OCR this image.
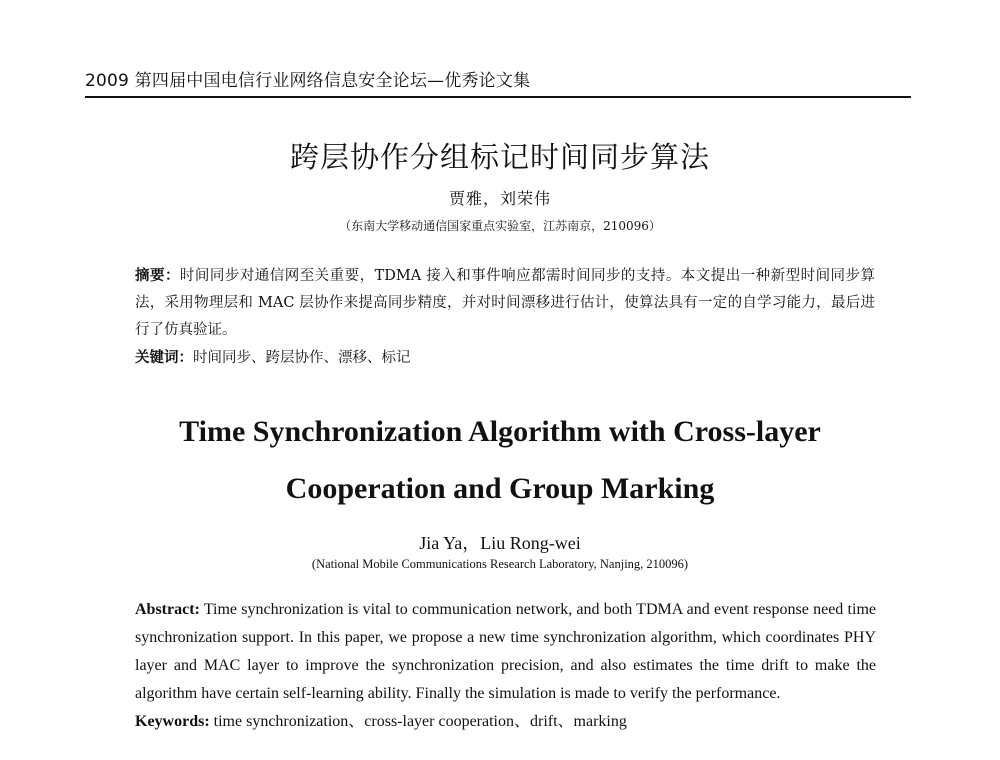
2009 第四届中国电信行业网络信息安全论坛—优秀论文集
跨层协作分组标记时间同步算法
贾雅，刘荣伟
（东南大学移动通信国家重点实验室，江苏南京，210096）

摘要：时间同步对通信网至关重要，TDMA 接入和事件响应都需时间同步的支持。本文提出一种新型时间同步算法，采用物理层和 MAC 层协作来提高同步精度，并对时间漂移进行估计，使算法具有一定的自学习能力，最后进行了仿真验证。

关键词：时间同步、跨层协作、漂移、标记

Time Synchronization Algorithm with Cross-layer
Cooperation and Group Marking
Jia Ya，Liu Rong-wei
(National Mobile Communications Research Laboratory, Nanjing, 210096)

Abstract: Time synchronization is vital to communication network, and both TDMA and event response need time synchronization support. In this paper, we propose a new time synchronization algorithm, which coordinates PHY layer and MAC layer to improve the synchronization precision, and also estimates the time drift to make the algorithm have certain self-learning ability. Finally the simulation is made to verify the performance.

Keywords: time synchronization、cross-layer cooperation、drift、marking
